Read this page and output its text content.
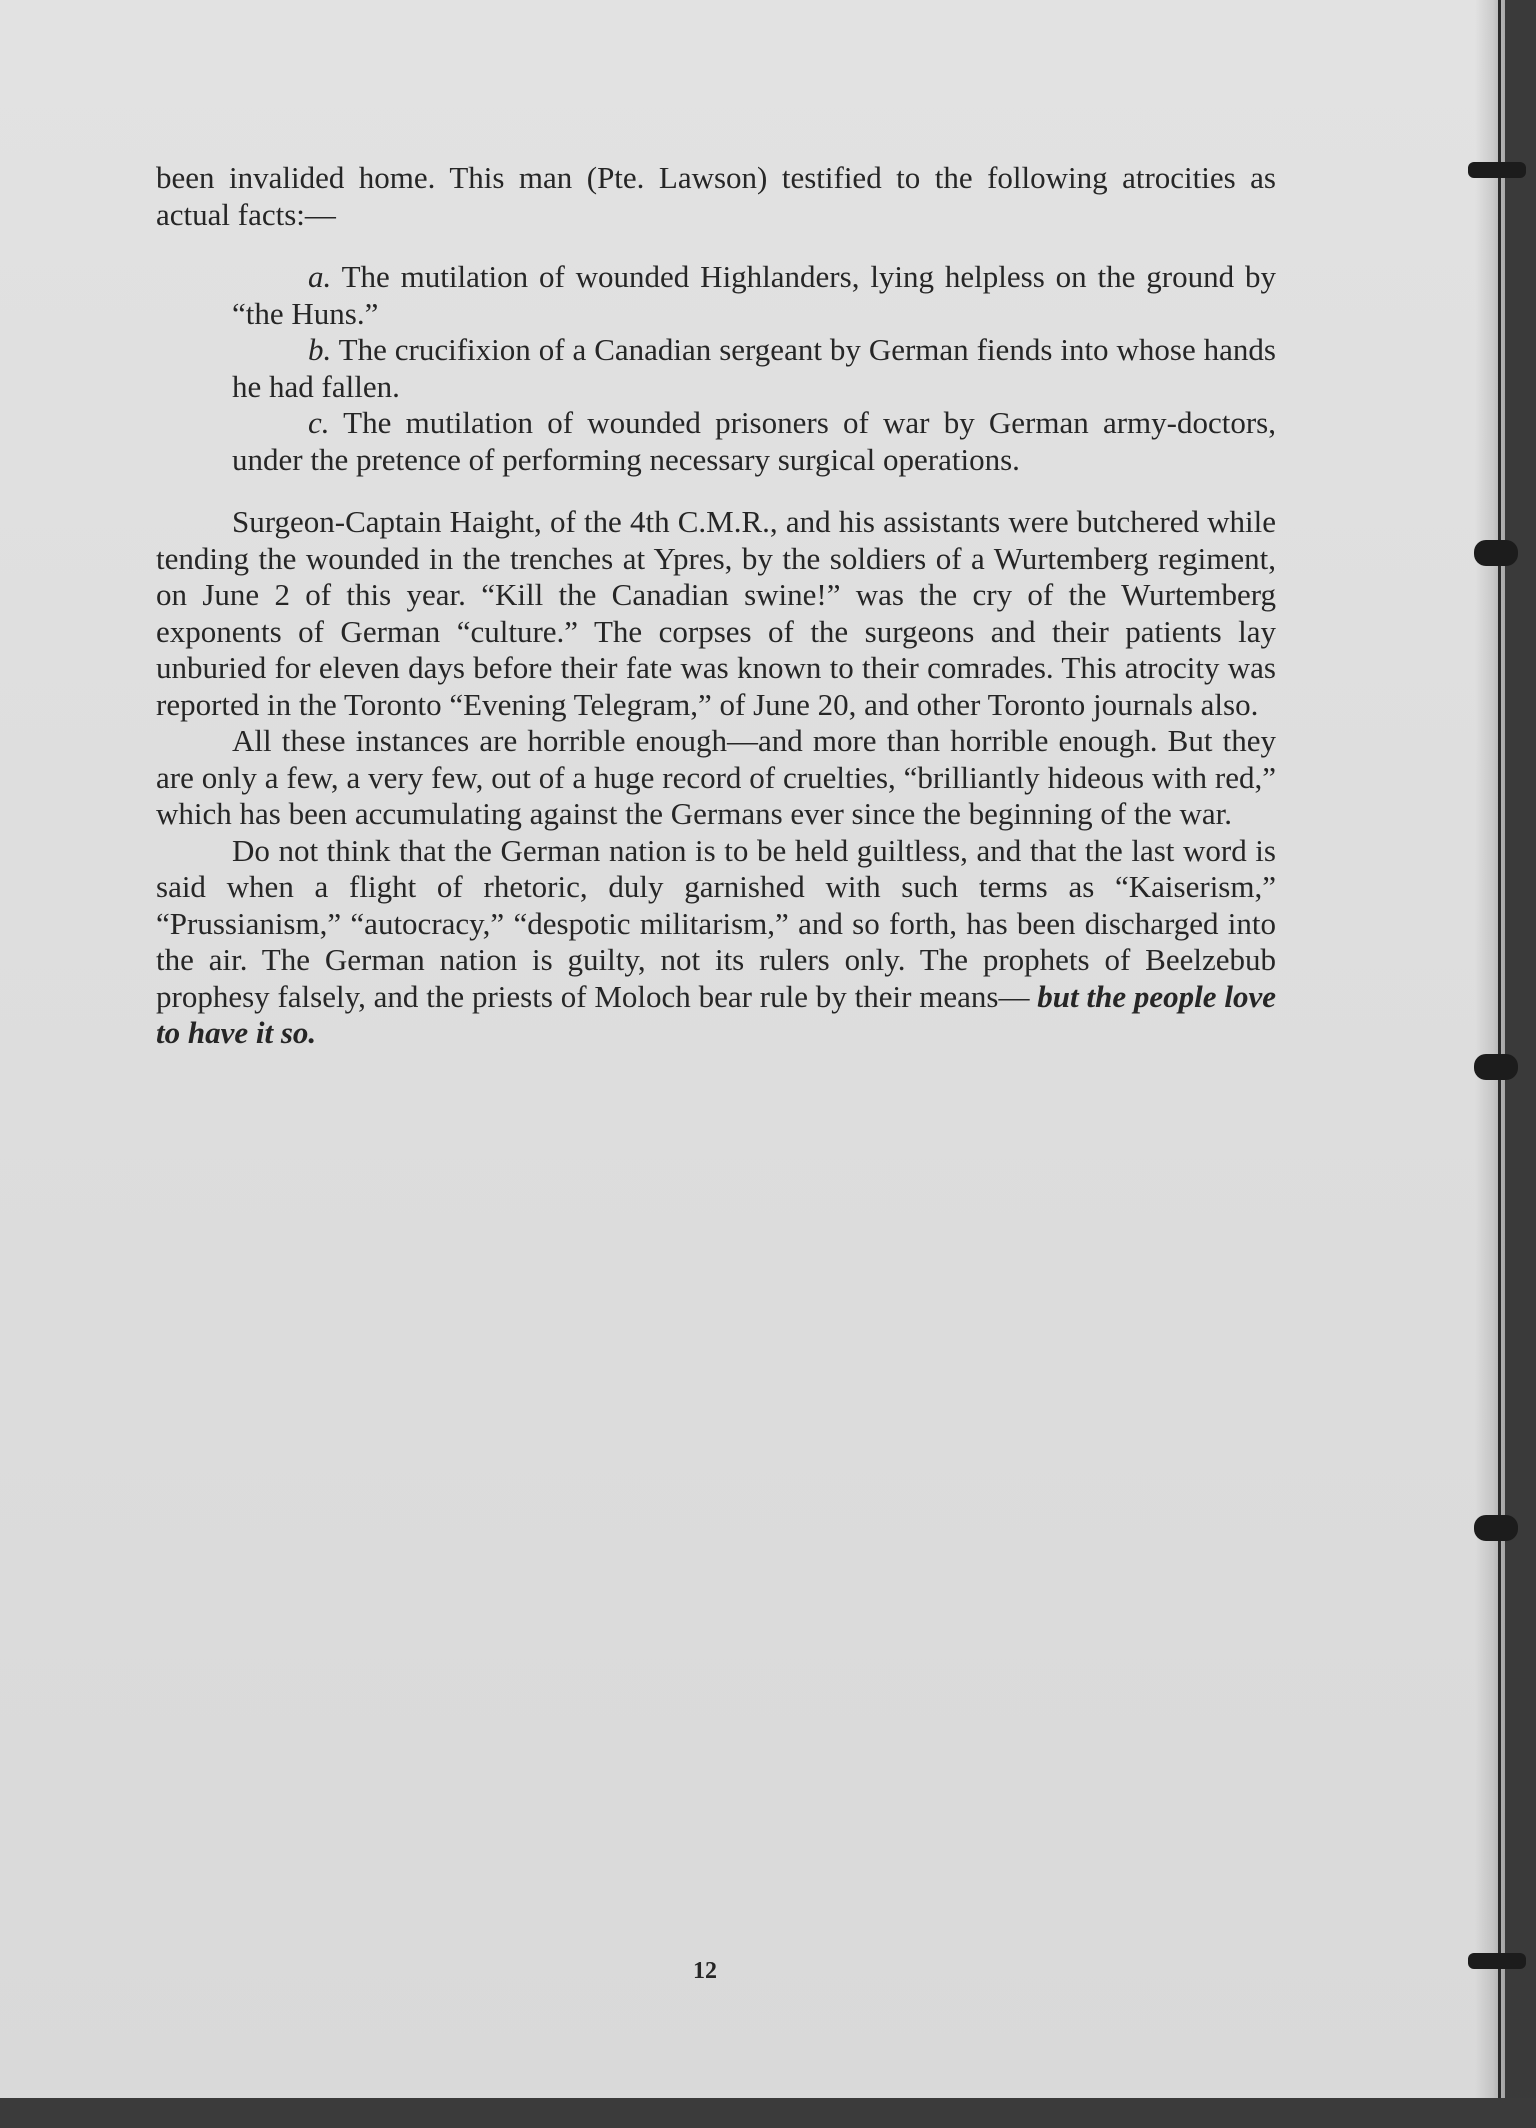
been invalided home. This man (Pte. Lawson) testified to the following atrocities as actual facts:—

a. The mutilation of wounded Highlanders, lying helpless on the ground by “the Huns.”

b. The crucifixion of a Canadian sergeant by German fiends into whose hands he had fallen.

c. The mutilation of wounded prisoners of war by German army-doctors, under the pretence of performing necessary surgical operations.

Surgeon-Captain Haight, of the 4th C.M.R., and his assistants were butchered while tending the wounded in the trenches at Ypres, by the soldiers of a Wurtemberg regiment, on June 2 of this year. “Kill the Canadian swine!” was the cry of the Wurtemberg exponents of German “culture.” The corpses of the surgeons and their patients lay unburied for eleven days before their fate was known to their comrades. This atrocity was reported in the Toronto “Evening Telegram,” of June 20, and other Toronto journals also.

All these instances are horrible enough—and more than horrible enough. But they are only a few, a very few, out of a huge record of cruelties, “brilliantly hideous with red,” which has been accumulating against the Germans ever since the beginning of the war.

Do not think that the German nation is to be held guiltless, and that the last word is said when a flight of rhetoric, duly garnished with such terms as “Kaiserism,” “Prussianism,” “autocracy,” “despotic militarism,” and so forth, has been discharged into the air. The German nation is guilty, not its rulers only. The prophets of Beelzebub prophesy falsely, and the priests of Moloch bear rule by their means— but the people love to have it so.

12
